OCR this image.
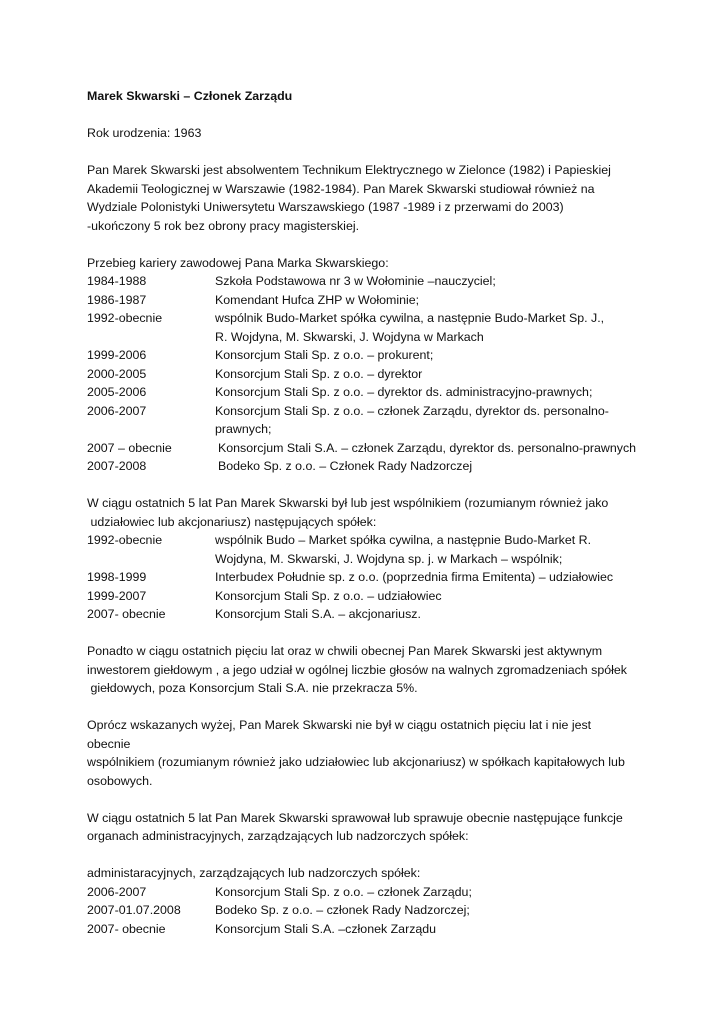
Marek Skwarski – Członek Zarządu

Rok urodzenia: 1963

Pan Marek Skwarski jest absolwentem Technikum Elektrycznego w Zielonce (1982) i Papieskiej

Akademii Teologicznej w Warszawie (1982-1984). Pan Marek Skwarski studiował również na

Wydziale Polonistyki Uniwersytetu Warszawskiego (1987 -1989 i z przerwami do 2003)

-ukończony 5 rok bez obrony pracy magisterskiej.

Przebieg kariery zawodowej Pana Marka Skwarskiego:

1984-1988	Szkoła Podstawowa nr 3 w Wołominie –nauczyciel;
1986-1987	Komendant Hufca ZHP w Wołominie;
1992-obecnie	wspólnik Budo-Market spółka cywilna, a następnie Budo-Market Sp. J.,
R. Wojdyna, M. Skwarski, J. Wojdyna w Markach
1999-2006	Konsorcjum Stali Sp. z o.o. – prokurent;
2000-2005	Konsorcjum Stali Sp. z o.o. – dyrektor
2005-2006	Konsorcjum Stali Sp. z o.o. – dyrektor ds. administracyjno-prawnych;
2006-2007	Konsorcjum Stali Sp. z o.o. – członek Zarządu, dyrektor ds. personalno-
prawnych;
2007 – obecnie	Konsorcjum Stali S.A. – członek Zarządu, dyrektor ds. personalno-prawnych
2007-2008	Bodeko Sp. z o.o. – Członek Rady Nadzorczej

W ciągu ostatnich 5 lat Pan Marek Skwarski był lub jest wspólnikiem (rozumianym również jako

udziałowiec lub akcjonariusz) następujących spółek:

1992-obecnie	wspólnik Budo – Market spółka cywilna, a następnie Budo-Market R.
Wojdyna, M. Skwarski, J. Wojdyna sp. j. w Markach – wspólnik;
1998-1999	Interbudex Południe sp. z o.o. (poprzednia firma Emitenta) – udziałowiec
1999-2007	Konsorcjum Stali Sp. z o.o. – udziałowiec
2007- obecnie	Konsorcjum Stali S.A. – akcjonariusz.

Ponadto w ciągu ostatnich pięciu lat oraz w chwili obecnej Pan Marek Skwarski jest aktywnym

inwestorem giełdowym , a jego udział w ogólnej liczbie głosów na walnych zgromadzeniach spółek

giełdowych, poza Konsorcjum Stali S.A. nie przekracza 5%.

Oprócz wskazanych wyżej, Pan Marek Skwarski nie był w ciągu ostatnich pięciu lat i nie jest obecnie

wspólnikiem (rozumianym również jako udziałowiec lub akcjonariusz) w spółkach kapitałowych lub

osobowych.

W ciągu ostatnich 5 lat Pan Marek Skwarski sprawował lub sprawuje obecnie następujące funkcje

organach administracyjnych, zarządzających lub nadzorczych spółek:

administaracyjnych, zarządzających lub nadzorczych spółek:

2006-2007	Konsorcjum Stali Sp. z o.o. – członek Zarządu;
2007-01.07.2008	Bodeko Sp. z o.o. – członek Rady Nadzorczej;
2007- obecnie	Konsorcjum Stali S.A. –członek Zarządu
